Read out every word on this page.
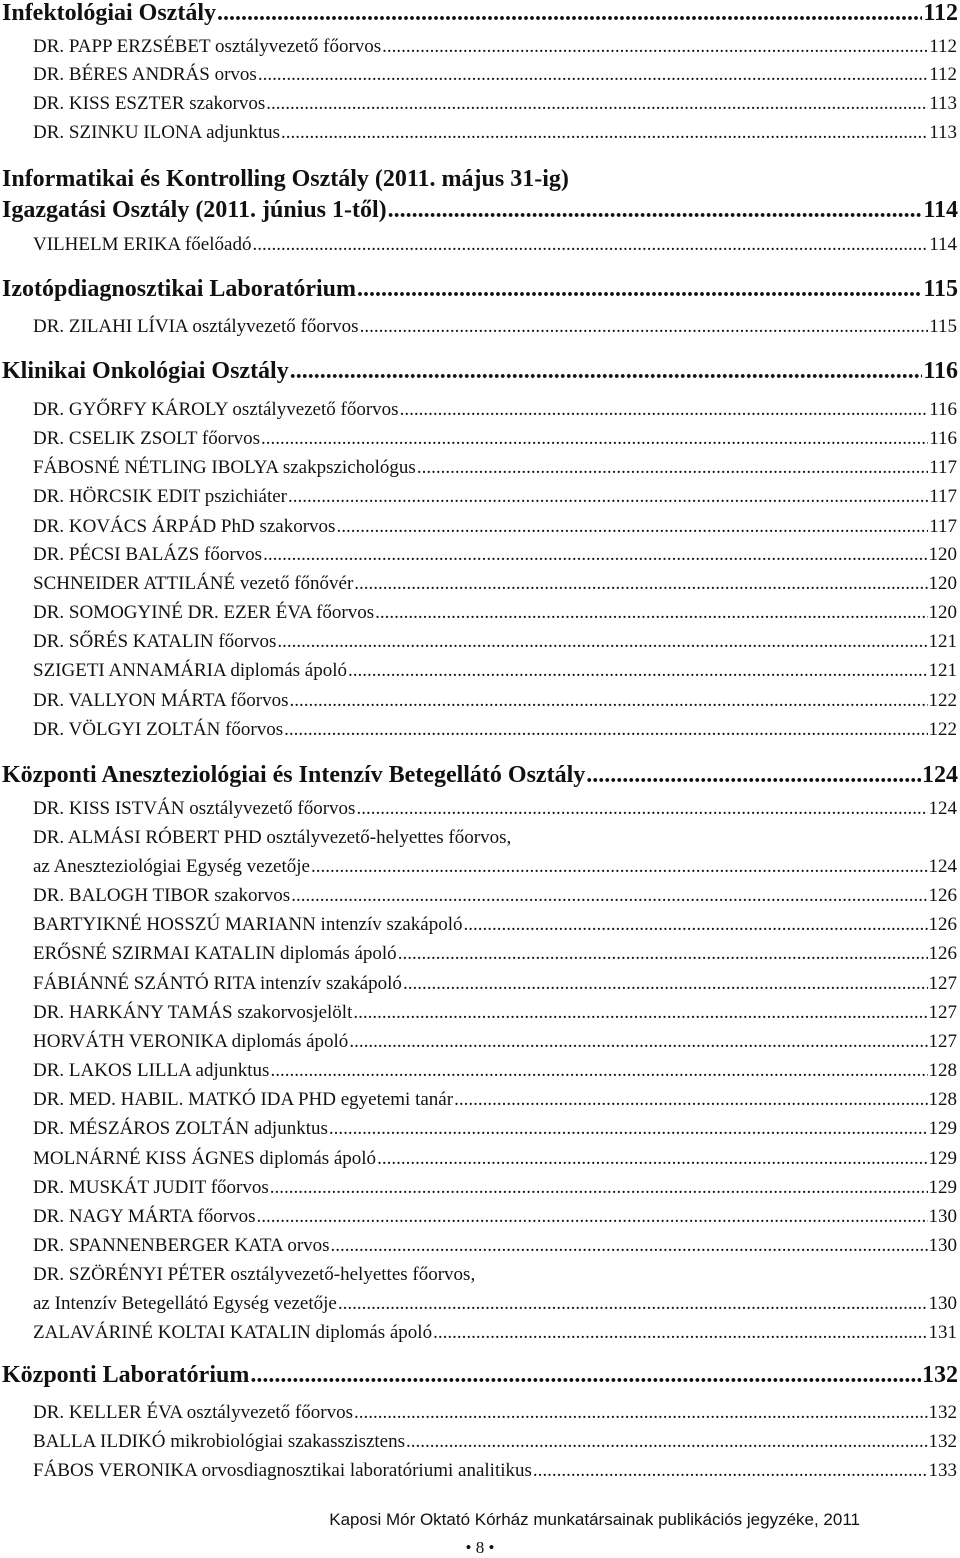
Infektológiai Osztály .....	112
DR. PAPP ERZSÉBET osztályvezető főorvos .....	112
DR. BÉRES ANDRÁS orvos .....	112
DR. KISS ESZTER szakorvos .....	113
DR. SZINKU ILONA adjunktus .....	113
Informatikai és Kontrolling Osztály (2011. május 31-ig)
Igazgatási Osztály (2011. június 1-től) .....	114
VILHELM ERIKA főelőadó .....	114
Izotópdiagnosztikai Laboratórium .....	115
DR. ZILAHI LÍVIA osztályvezető főorvos .....	115
Klinikai Onkológiai Osztály .....	116
DR. GYŐRFY KÁROLY osztályvezető főorvos .....	116
DR. CSELIK ZSOLT főorvos .....	116
FÁBOSNÉ NÉTLING IBOLYA szakpszichológus .....	117
DR. HÖRCSIK EDIT pszichiáter .....	117
DR. KOVÁCS ÁRPÁD PhD szakorvos .....	117
DR. PÉCSI BALÁZS főorvos .....	120
SCHNEIDER ATTILÁNÉ vezető főnővér .....	120
DR. SOMOGYINÉ DR. EZER ÉVA főorvos .....	120
DR. SŐRÉS KATALIN főorvos .....	121
SZIGETI ANNAMÁRIA diplomás ápoló .....	121
DR. VALLYON MÁRTA főorvos .....	122
DR. VÖLGYI ZOLTÁN főorvos .....	122
Központi Aneszteziológiai és Intenzív Betegellátó Osztály .....	124
DR. KISS ISTVÁN osztályvezető főorvos .....	124
DR. ALMÁSI RÓBERT PHD osztályvezető-helyettes főorvos,
az Aneszteziológiai Egység vezetője .....	124
DR. BALOGH TIBOR szakorvos .....	126
BARTYIKNÉ HOSSZÚ MARIANN intenzív szakápoló .....	126
ERŐSNÉ SZIRMAI KATALIN diplomás ápoló .....	126
FÁBIÁNNÉ SZÁNTÓ RITA intenzív szakápoló .....	127
DR. HARKÁNY TAMÁS szakorvosjelölt .....	127
HORVÁTH VERONIKA diplomás ápoló .....	127
DR. LAKOS LILLA adjunktus .....	128
DR. MED. HABIL. MATKÓ IDA PHD egyetemi tanár .....	128
DR. MÉSZÁROS ZOLTÁN adjunktus .....	129
MOLNÁRNÉ KISS ÁGNES diplomás ápoló .....	129
DR. MUSKÁT JUDIT főorvos .....	129
DR. NAGY MÁRTA főorvos .....	130
DR. SPANNENBERGER KATA orvos .....	130
DR. SZÖRÉNYI PÉTER osztályvezető-helyettes főorvos,
az Intenzív Betegellátó Egység vezetője .....	130
ZALAVÁRINÉ KOLTAI KATALIN diplomás ápoló .....	131
Központi Laboratórium .....	132
DR. KELLER ÉVA osztályvezető főorvos .....	132
BALLA ILDIKÓ mikrobiológiai szakasszisztens .....	132
FÁBOS VERONIKA orvosdiagnosztikai laboratóriumi analitikus .....	133
Kaposi Mór Oktató Kórház munkatársainak publikációs jegyzéke, 2011
• 8 •
